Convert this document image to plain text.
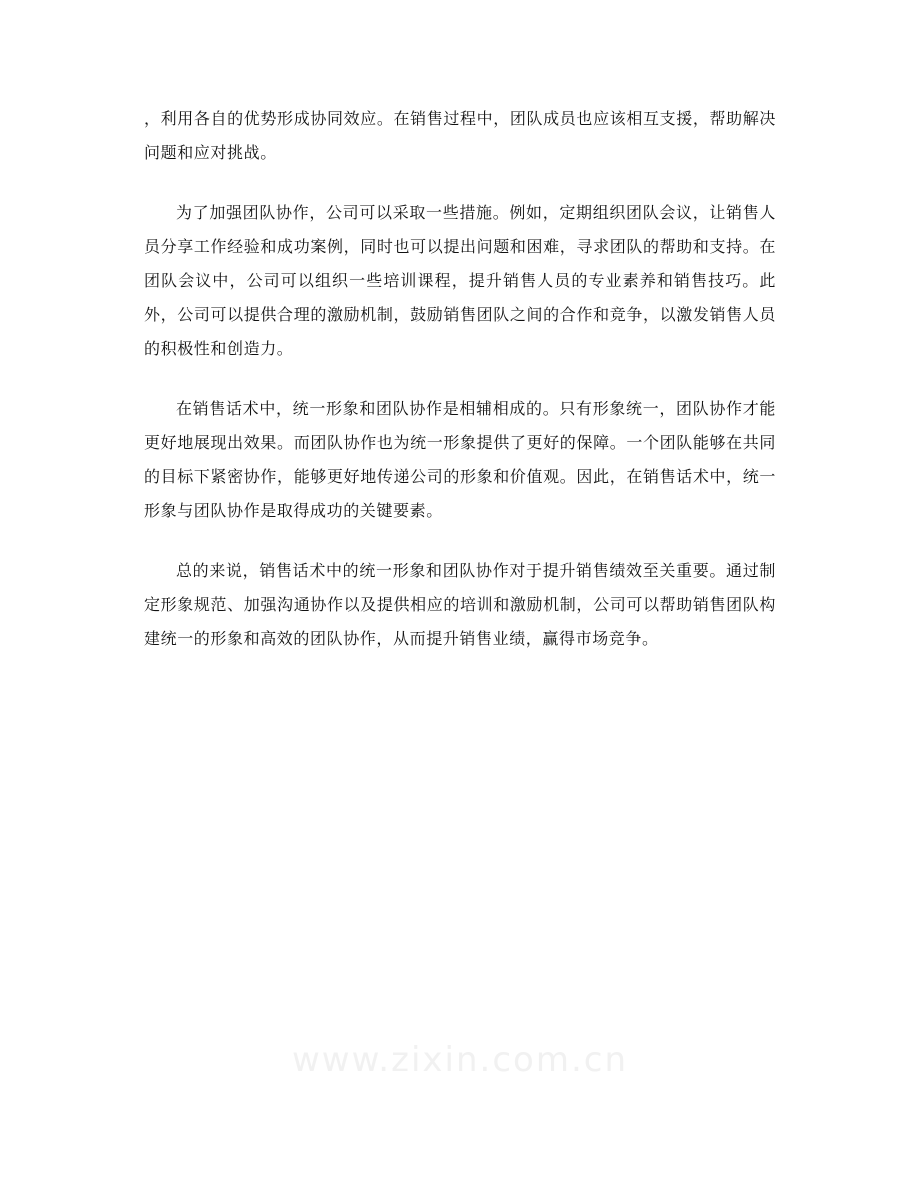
，利用各自的优势形成协同效应。在销售过程中，团队成员也应该相互支援，帮助解决问题和应对挑战。

为了加强团队协作，公司可以采取一些措施。例如，定期组织团队会议，让销售人员分享工作经验和成功案例，同时也可以提出问题和困难，寻求团队的帮助和支持。在团队会议中，公司可以组织一些培训课程，提升销售人员的专业素养和销售技巧。此外，公司可以提供合理的激励机制，鼓励销售团队之间的合作和竞争，以激发销售人员的积极性和创造力。

在销售话术中，统一形象和团队协作是相辅相成的。只有形象统一，团队协作才能更好地展现出效果。而团队协作也为统一形象提供了更好的保障。一个团队能够在共同的目标下紧密协作，能够更好地传递公司的形象和价值观。因此，在销售话术中，统一形象与团队协作是取得成功的关键要素。

总的来说，销售话术中的统一形象和团队协作对于提升销售绩效至关重要。通过制定形象规范、加强沟通协作以及提供相应的培训和激励机制，公司可以帮助销售团队构建统一的形象和高效的团队协作，从而提升销售业绩，赢得市场竞争。

www.zixin.com.cn
